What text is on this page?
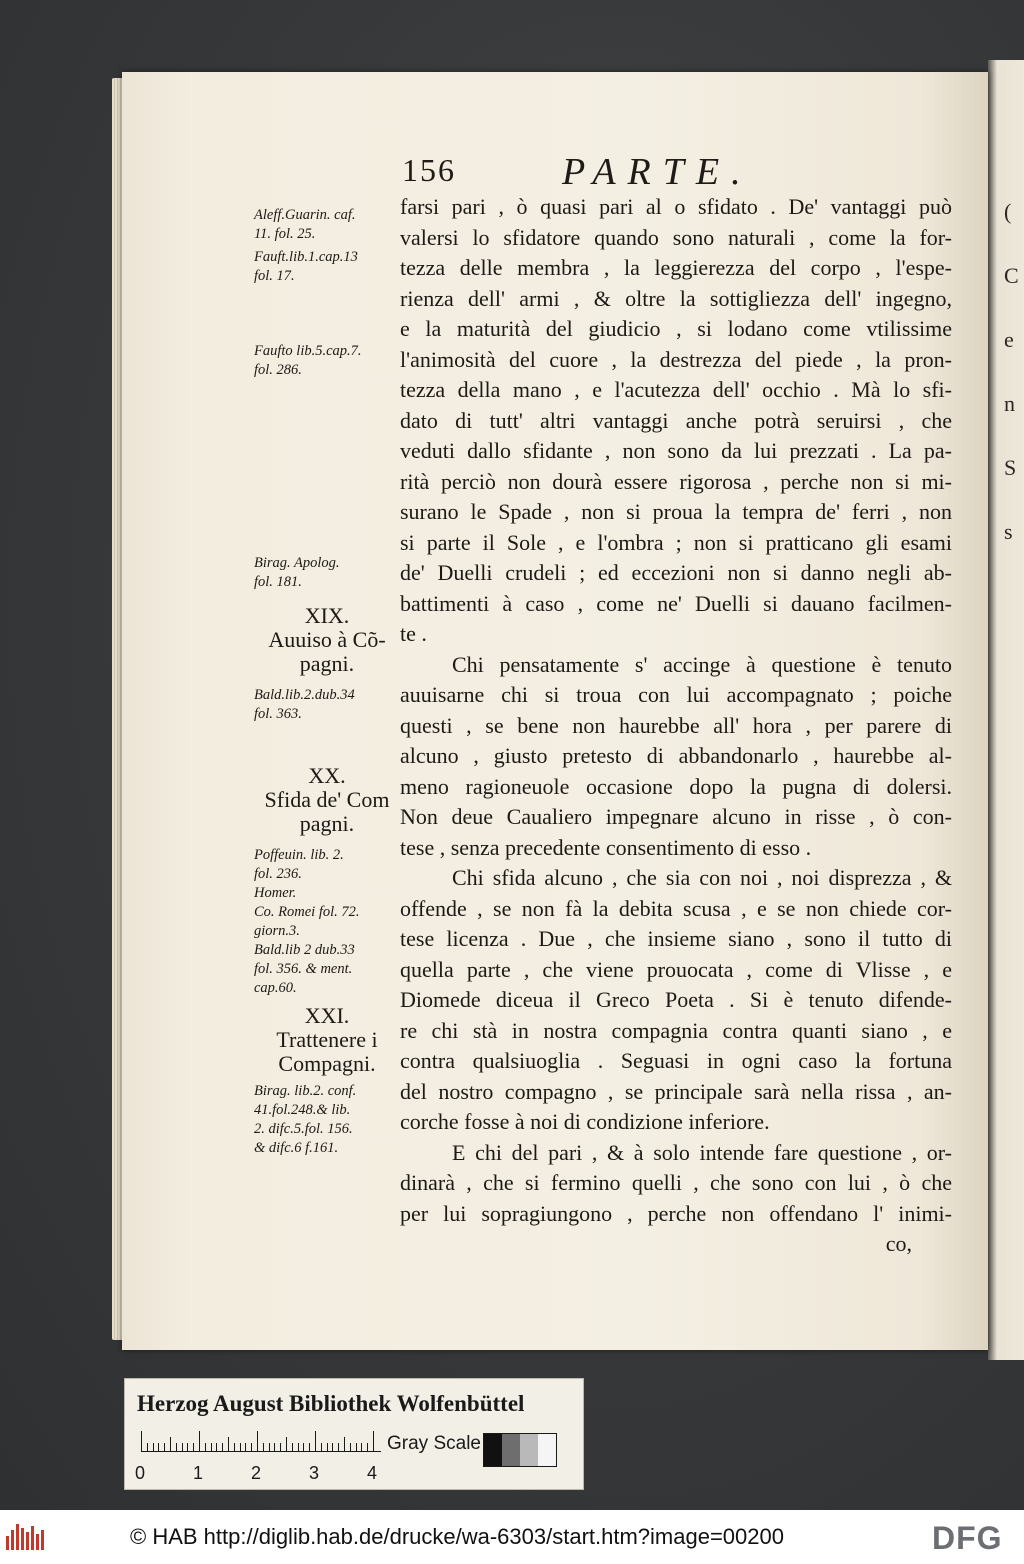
(
C
e
n
S
s
156	PARTE.
farsi pari , ò quasi pari al o sfidato . De' vantaggi può
valersi lo sfidatore quando sono naturali , come la for-
tezza delle membra , la leggierezza del corpo , l'espe-
rienza dell' armi , & oltre la sottigliezza dell' ingegno,
e la maturità del giudicio , si lodano come vtilissime
l'animosità del cuore , la destrezza del piede , la pron-
tezza della mano , e l'acutezza dell' occhio . Mà lo sfi-
dato di tutt' altri vantaggi anche potrà seruirsi , che
veduti dallo sfidante , non sono da lui prezzati . La pa-
rità perciò non dourà essere rigorosa , perche non si mi-
surano le Spade , non si proua la tempra de' ferri , non
si parte il Sole , e l'ombra ; non si pratticano gli esami
de' Duelli crudeli ; ed eccezioni non si danno negli ab-
battimenti à caso , come ne' Duelli si dauano facilmen-
te .
Chi pensatamente s' accinge à questione è tenuto
auuisarne chi si troua con lui accompagnato ; poiche
questi , se bene non haurebbe all' hora , per parere di
alcuno , giusto pretesto di abbandonarlo , haurebbe al-
meno ragioneuole occasione dopo la pugna di dolersi.
Non deue Caualiero impegnare alcuno in risse , ò con-
tese , senza precedente consentimento di esso .
Chi sfida alcuno , che sia con noi , noi disprezza , &
offende , se non fà la debita scusa , e se non chiede cor-
tese licenza . Due , che insieme siano , sono il tutto di
quella parte , che viene prouocata , come di Vlisse , e
Diomede diceua il Greco Poeta . Si è tenuto difende-
re chi stà in nostra compagnia contra quanti siano , e
contra qualsiuoglia . Seguasi in ogni caso la fortuna
del nostro compagno , se principale sarà nella rissa , an-
corche fosse à noi di condizione inferiore.
E chi del pari , & à solo intende fare questione , or-
dinarà , che si fermino quelli , che sono con lui , ò che
per lui sopragiungono , perche non offendano l' inimi-
co,
Aleff.Guarin. caf.
11. fol. 25.
Fauft.lib.1.cap.13
fol. 17.
Faufto lib.5.cap.7.
fol. 286.
Birag. Apolog.
fol. 181.
XIX.
Auuiso à Cõ-
pagni.
Bald.lib.2.dub.34
fol. 363.
XX.
Sfida de' Com
pagni.
Poffeuin. lib. 2.
fol. 236.
Homer.
Co. Romei fol. 72.
giorn.3.
Bald.lib 2 dub.33
fol. 356. & ment.
cap.60.
XXI.
Trattenere i
Compagni.
Birag. lib.2. conf.
41.fol.248.& lib.
2. difc.5.fol. 156.
& difc.6 f.161.
Herzog August Bibliothek Wolfenbüttel
0	1	2	3	4
Gray Scale
© HAB http://diglib.hab.de/drucke/wa-6303/start.htm?image=00200	DFG
